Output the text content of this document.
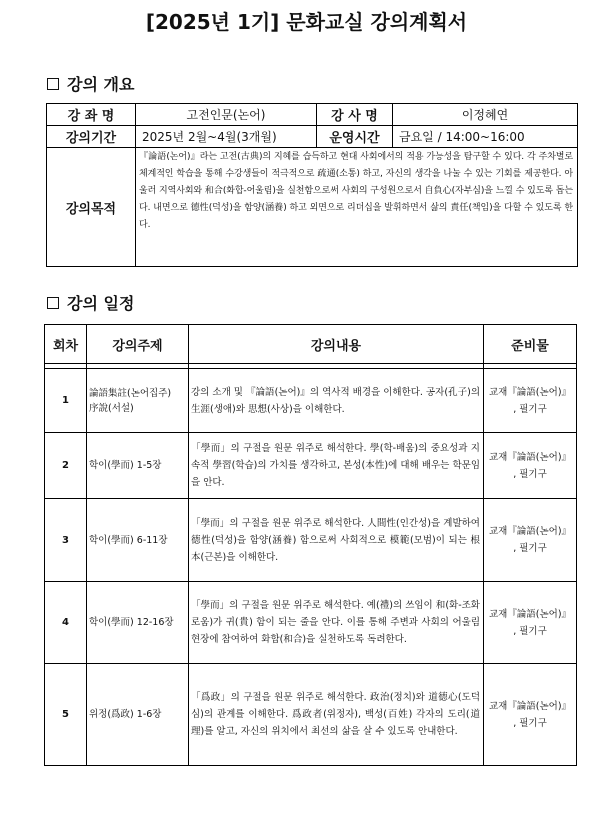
[2025년 1기] 문화교실 강의계획서
강의 개요
강 좌 명	고전인문(논어)	강 사 명	이정혜연
강의기간	2025년 2월~4월(3개월)	운영시간	금요일 / 14:00~16:00
강의목적	『論語(논어)』라는 고전(古典)의 지혜를 습득하고 현대 사회에서의 적용 가능성을 탐구할 수 있다. 각 주차별로 체계적인 학습을 통해 수강생들이 적극적으로 疏通(소통) 하고, 자신의 생각을 나눌 수 있는 기회를 제공한다. 아울러 지역사회와 和合(화합-어울림)을 실천함으로써 사회의 구성원으로서 自負心(자부심)을 느낄 수 있도록 돕는다. 내면으로 德性(덕성)을 함양(涵養) 하고 외면으로 리더십을 발휘하면서 삶의 責任(책임)을 다할 수 있도록 한다.		
강의 일정
회차	강의주제	강의내용	준비물

1	論語集註(논어집주)
序說(서설)	강의 소개 및 『論語(논어)』의 역사적 배경을 이해한다. 공자(孔子)의 生涯(생애)와 思想(사상)을 이해한다.	교재『論語(논어)』
, 필기구

2	학이(學而) 1-5장	「學而」의 구절을 원문 위주로 해석한다. 學(학-배움)의 중요성과 지속적 學習(학습)의 가치를 생각하고, 본성(本性)에 대해 배우는 학문임을 안다.	교재『論語(논어)』
, 필기구

3	학이(學而) 6-11장	「學而」의 구절을 원문 위주로 해석한다. 人間性(인간성)을 계발하여 德性(덕성)을 함양(涵養) 함으로써 사회적으로 模範(모범)이 되는 根本(근본)을 이해한다.	교재『論語(논어)』
, 필기구

4	학이(學而) 12-16장	「學而」의 구절을 원문 위주로 해석한다. 예(禮)의 쓰임이 和(화-조화로움)가 귀(貴) 함이 되는 줄을 안다. 이를 통해 주변과 사회의 어울림 현장에 참여하여 화합(和合)을 실천하도록 독려한다.	교재『論語(논어)』
, 필기구

5	위정(爲政) 1-6장	「爲政」의 구절을 원문 위주로 해석한다. 政治(정치)와 道德心(도덕심)의 관계를 이해한다. 爲政者(위정자), 백성(百姓) 각자의 도리(道理)를 알고, 자신의 위치에서 최선의 삶을 살 수 있도록 안내한다.	교재『論語(논어)』
, 필기구
